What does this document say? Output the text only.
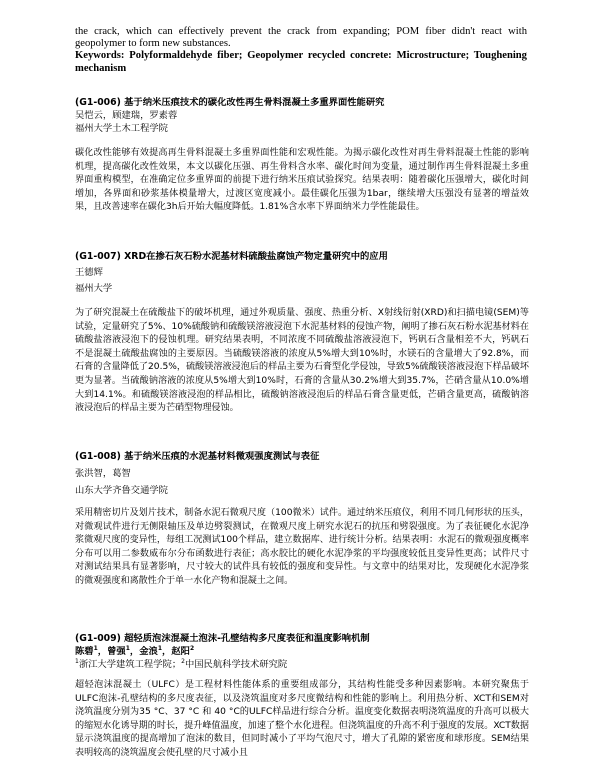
the crack, which can effectively prevent the crack from expanding; POM fiber didn't react with geopolymer to form new substances.

Keywords: Polyformaldehyde fiber; Geopolymer recycled concrete: Microstructure; Toughening mechanism

(G1-006) 基于纳米压痕技术的碳化改性再生骨料混凝土多重界面性能研究
吴恺云，顾建瑞，罗素蓉
福州大学土木工程学院

碳化改性能够有效提高再生骨料混凝土多重界面性能和宏观性能。为揭示碳化改性对再生骨料混凝土性能的影响机理，提高碳化改性效果，本文以碳化压强、再生骨料含水率、碳化时间为变量，通过制作再生骨料混凝土多重界面重构模型，在准确定位多重界面的前提下进行纳米压痕试验探究。结果表明：随着碳化压强增大，碳化时间增加，各界面和砂浆基体模量增大，过渡区宽度减小。最佳碳化压强为1bar，继续增大压强没有显著的增益效果，且改善速率在碳化3h后开始大幅度降低。1.81%含水率下界面纳米力学性能最佳。

(G1-007) XRD在掺石灰石粉水泥基材料硫酸盐腐蚀产物定量研究中的应用
王德辉
福州大学

为了研究混凝土在硫酸盐下的破坏机理，通过外观质量、强度、热重分析、X射线衍射(XRD)和扫描电镜(SEM)等试验，定量研究了5%、10%硫酸钠和硫酸镁溶液浸泡下水泥基材料的侵蚀产物，阐明了掺石灰石粉水泥基材料在硫酸盐溶液浸泡下的侵蚀机理。研究结果表明，不同浓度不同硫酸盐溶液浸泡下，钙矾石含量相差不大，钙矾石不是混凝土硫酸盐腐蚀的主要原因。当硫酸镁溶液的浓度从5%增大到10%时，水镁石的含量增大了92.8%，而石膏的含量降低了20.5%，硫酸镁溶液浸泡后的样品主要为石膏型化学侵蚀，导致5%硫酸镁溶液浸泡下样品破坏更为显著。当硫酸钠溶液的浓度从5%增大到10%时，石膏的含量从30.2%增大到35.7%，芒硝含量从10.0%增大到14.1%。和硫酸镁溶液浸泡的样品相比，硫酸钠溶液浸泡后的样品石膏含量更低，芒硝含量更高，硫酸钠溶液浸泡后的样品主要为芒硝型物理侵蚀。

(G1-008) 基于纳米压痕的水泥基材料微观强度测试与表征
张洪智，葛智
山东大学齐鲁交通学院

采用精密切片及划片技术，制备水泥石微观尺度（100微米）试件。通过纳米压痕仪，利用不同几何形状的压头，对微观试件进行无侧限轴压及单边劈裂测试，在微观尺度上研究水泥石的抗压和劈裂强度。为了表征硬化水泥净浆微观尺度的变异性，每组工况测试100个样品，建立数据库、进行统计分析。结果表明：水泥石的微观强度概率分布可以用二参数威布尔分布函数进行表征；高水胶比的硬化水泥净浆的平均强度较低且变异性更高；试件尺寸对测试结果具有显著影响，尺寸较大的试件具有较低的强度和变异性。与文章中的结果对比，发现硬化水泥净浆的微观强度和离散性介于单一水化产物和混凝土之间。

(G1-009) 超轻质泡沫混凝土泡沫-孔壁结构多尺度表征和温度影响机制
陈碧$^1$，曾强$^1$，金浪$^1$，赵阳$^2$
$^1$浙江大学建筑工程学院；$^2$中国民航科学技术研究院

超轻泡沫混凝土（ULFC）是工程材料性能体系的重要组成部分，其结构性能受多种因素影响。本研究聚焦于ULFC泡沫-孔壁结构的多尺度表征，以及浇筑温度对多尺度微结构和性能的影响上。利用热分析、XCT和SEM对浇筑温度分别为35 °C、37 °C 和 40 °C的ULFC样品进行综合分析。温度变化数据表明浇筑温度的升高可以极大的缩短水化诱导期的时长，提升峰值温度，加速了整个水化进程。但浇筑温度的升高不利于强度的发展。XCT数据显示浇筑温度的提高增加了泡沫的数目，但同时减小了平均气泡尺寸，增大了孔隙的紧密度和球形度。SEM结果表明较高的浇筑温度会使孔壁的尺寸减小且
